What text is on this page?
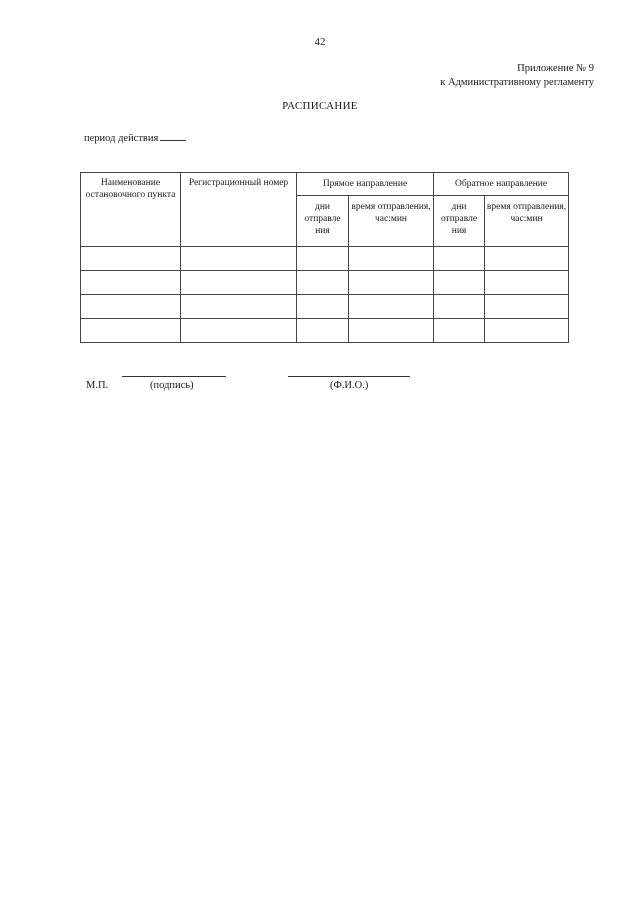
42
Приложение № 9
к Административному регламенту
РАСПИСАНИЕ
период действия
Наименование остановочного пункта	Регистрационный номер	Прямое направление		Обратное направление	
		дни отправле ния	время отправления, час:мин	дни отправле ния	время отправления, час:мин

М.П.	(подпись)	(Ф.И.О.)
